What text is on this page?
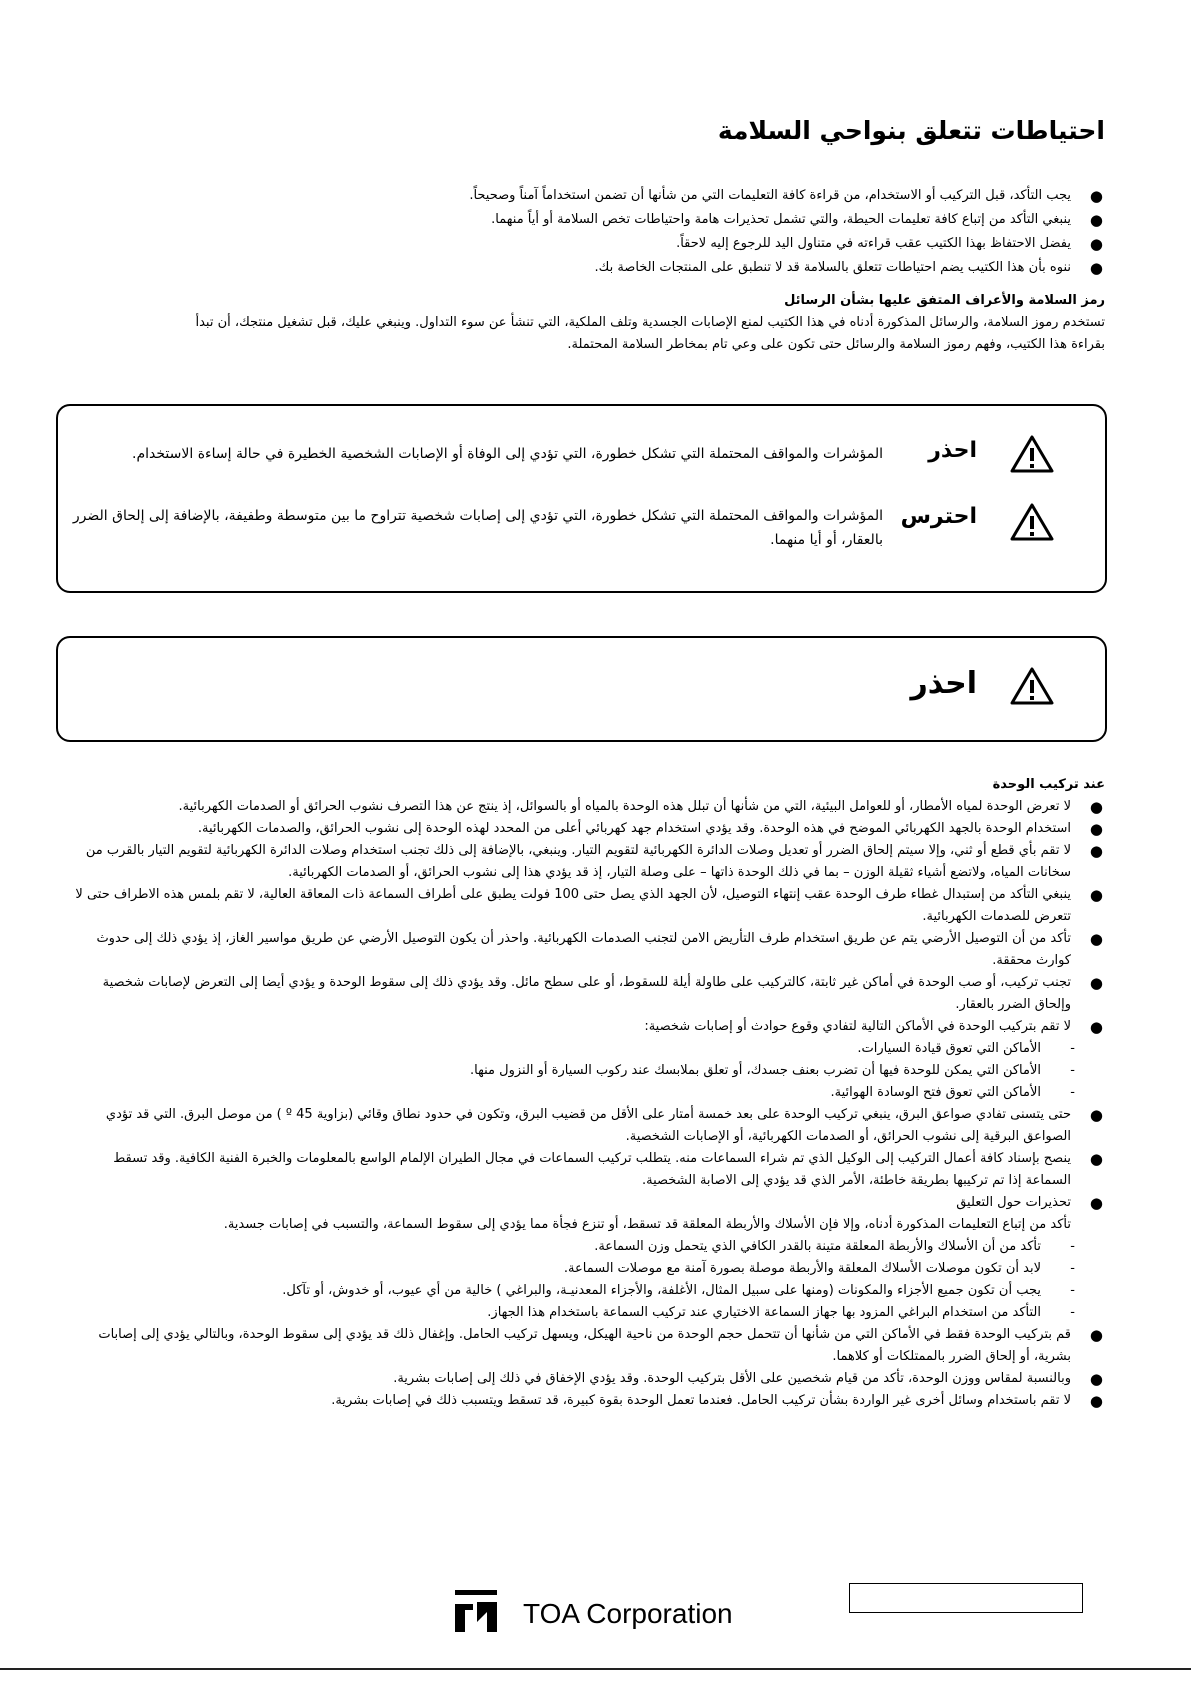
احتياطات تتعلق بنواحي السلامة
●
يجب التأكد، قبل التركيب أو الاستخدام، من قراءة كافة التعليمات التي من شأنها أن تضمن استخداماً آمناً وصحيحاً.
●
ينبغي التأكد من إتباع كافة تعليمات الحيطة، والتي تشمل تحذيرات هامة واحتياطات تخص السلامة أو أياً منهما.
●
يفضل الاحتفاظ بهذا الكتيب عقب قراءته في متناول اليد للرجوع إليه لاحقاً.
●
ننوه بأن هذا الكتيب يضم احتياطات تتعلق بالسلامة قد لا تنطبق على المنتجات الخاصة بك.
رمز السلامة والأعراف المتفق عليها بشأن الرسائل
تستخدم رموز السلامة، والرسائل المذكورة أدناه في هذا الكتيب لمنع الإصابات الجسدية وتلف الملكية، التي تنشأ عن سوء التداول. وينبغي عليك، قبل تشغيل منتجك، أن تبدأ
بقراءة هذا الكتيب، وفهم رموز السلامة والرسائل حتى تكون على وعي تام بمخاطر السلامة المحتملة.
احذر
المؤشرات والمواقف المحتملة التي تشكل خطورة، التي تؤدي إلى الوفاة أو الإصابات الشخصية الخطيرة في حالة إساءة الاستخدام.
احترس
المؤشرات والمواقف المحتملة التي تشكل خطورة، التي تؤدي إلى إصابات شخصية تتراوح ما بين متوسطة وطفيفة، بالإضافة إلى إلحاق الضرر
بالعقار، أو أيا منهما.
احذر
عند تركيب الوحدة
●
لا تعرض الوحدة لمياه الأمطار، أو للعوامل البيئية، التي من شأنها أن تبلل هذه الوحدة بالمياه أو بالسوائل، إذ ينتج عن هذا التصرف نشوب الحرائق أو الصدمات الكهربائية.
●
استخدام الوحدة بالجهد الكهربائي الموضح في هذه الوحدة. وقد يؤدي استخدام جهد كهربائي أعلى من المحدد لهذه الوحدة إلى نشوب الحرائق، والصدمات الكهربائية.
●
لا تقم بأي قطع أو ثني، وإلا سيتم إلحاق الضرر أو تعديل وصلات الدائرة الكهربائية لتقويم التيار. وينبغي، بالإضافة إلى ذلك تجنب استخدام وصلات الدائرة الكهربائية لتقويم التيار بالقرب من سخانات المياه، ولاتضع أشياء ثقيلة الوزن – بما في ذلك الوحدة ذاتها – على وصلة التيار، إذ قد يؤدي هذا إلى نشوب الحرائق، أو الصدمات الكهربائية.
●
ينبغي التأكد من إستبدال غطاء طرف الوحدة عقب إنتهاء التوصيل، لأن الجهد الذي يصل حتى 100 فولت يطبق على أطراف السماعة ذات المعاقة العالية، لا تقم بلمس هذه الاطراف حتى لا تتعرض للصدمات الكهربائية.
●
تأكد من أن التوصيل الأرضي يتم عن طريق استخدام طرف التأريض الامن لتجنب الصدمات الكهربائية. واحذر أن يكون التوصيل الأرضي عن طريق مواسير الغاز، إذ يؤدي ذلك إلى حدوث كوارث محققة.
●
تجنب تركيب، أو صب الوحدة في أماكن غير ثابتة، كالتركيب على طاولة أيلة للسقوط، أو على سطح مائل. وقد يؤدي ذلك إلى سقوط الوحدة و يؤدي أيضا إلى التعرض لإصابات شخصية وإلحاق الضرر بالعقار.
●
لا تقم بتركيب الوحدة في الأماكن التالية لتفادي وقوع حوادث أو إصابات شخصية:
-
الأماكن التي تعوق قيادة السيارات.
-
الأماكن التي يمكن للوحدة فيها أن تضرب بعنف جسدك، أو تعلق بملابسك عند ركوب السيارة أو النزول منها.
-
الأماكن التي تعوق فتح الوسادة الهوائية.
●
حتى يتسنى تفادي صواعق البرق، ينبغي تركيب الوحدة على بعد خمسة أمتار على الأقل من قضيب البرق، وتكون في حدود نطاق وقائي (بزاوية 45 º ) من موصل البرق. التي قد تؤدي الصواعق البرقية إلى نشوب الحرائق، أو الصدمات الكهربائية، أو الإصابات الشخصية.
●
ينصح بإسناد كافة أعمال التركيب إلى الوكيل الذي تم شراء السماعات منه. يتطلب تركيب السماعات في مجال الطيران الإلمام الواسع بالمعلومات والخبرة الفنية الكافية. وقد تسقط السماعة إذا تم تركيبها بطريقة خاطئة، الأمر الذي قد يؤدي إلى الاصابة الشخصية.
●
تحذيرات حول التعليق
تأكد من إتباع التعليمات المذكورة أدناه، وإلا فإن الأسلاك والأربطة المعلقة قد تسقط، أو تنزع فجأة مما يؤدي إلى سقوط السماعة، والتسبب في إصابات جسدية.
-
تأكد من أن الأسلاك والأربطة المعلقة متينة بالقدر الكافي الذي يتحمل وزن السماعة.
-
لابد أن تكون موصلات الأسلاك المعلقة والأربطة موصلة بصورة آمنة مع موصلات السماعة.
-
يجب أن تكون جميع الأجزاء والمكونات (ومنها على سبيل المثال، الأغلفة، والأجزاء المعدنيـة، والبراغي ) خالية من أي عيوب، أو خدوش، أو تآكل.
-
التأكد من استخدام البراغي المزود بها جهاز السماعة الاختياري عند تركيب السماعة باستخدام هذا الجهاز.
●
قم بتركيب الوحدة فقط في الأماكن التي من شأنها أن تتحمل حجم الوحدة من ناحية الهيكل، ويسهل تركيب الحامل. وإغفال ذلك قد يؤدي إلى سقوط الوحدة، وبالتالي يؤدي إلى إصابات بشرية، أو إلحاق الضرر بالممتلكات أو كلاهما.
●
وبالنسبة لمقاس ووزن الوحدة، تأكد من قيام شخصين على الأقل بتركيب الوحدة. وقد يؤدي الإخفاق في ذلك إلى إصابات بشرية.
●
لا تقم باستخدام وسائل أخرى غير الواردة بشأن تركيب الحامل. فعندما تعمل الوحدة بقوة كبيرة، قد تسقط ويتسبب ذلك في إصابات بشرية.
TOA Corporation
